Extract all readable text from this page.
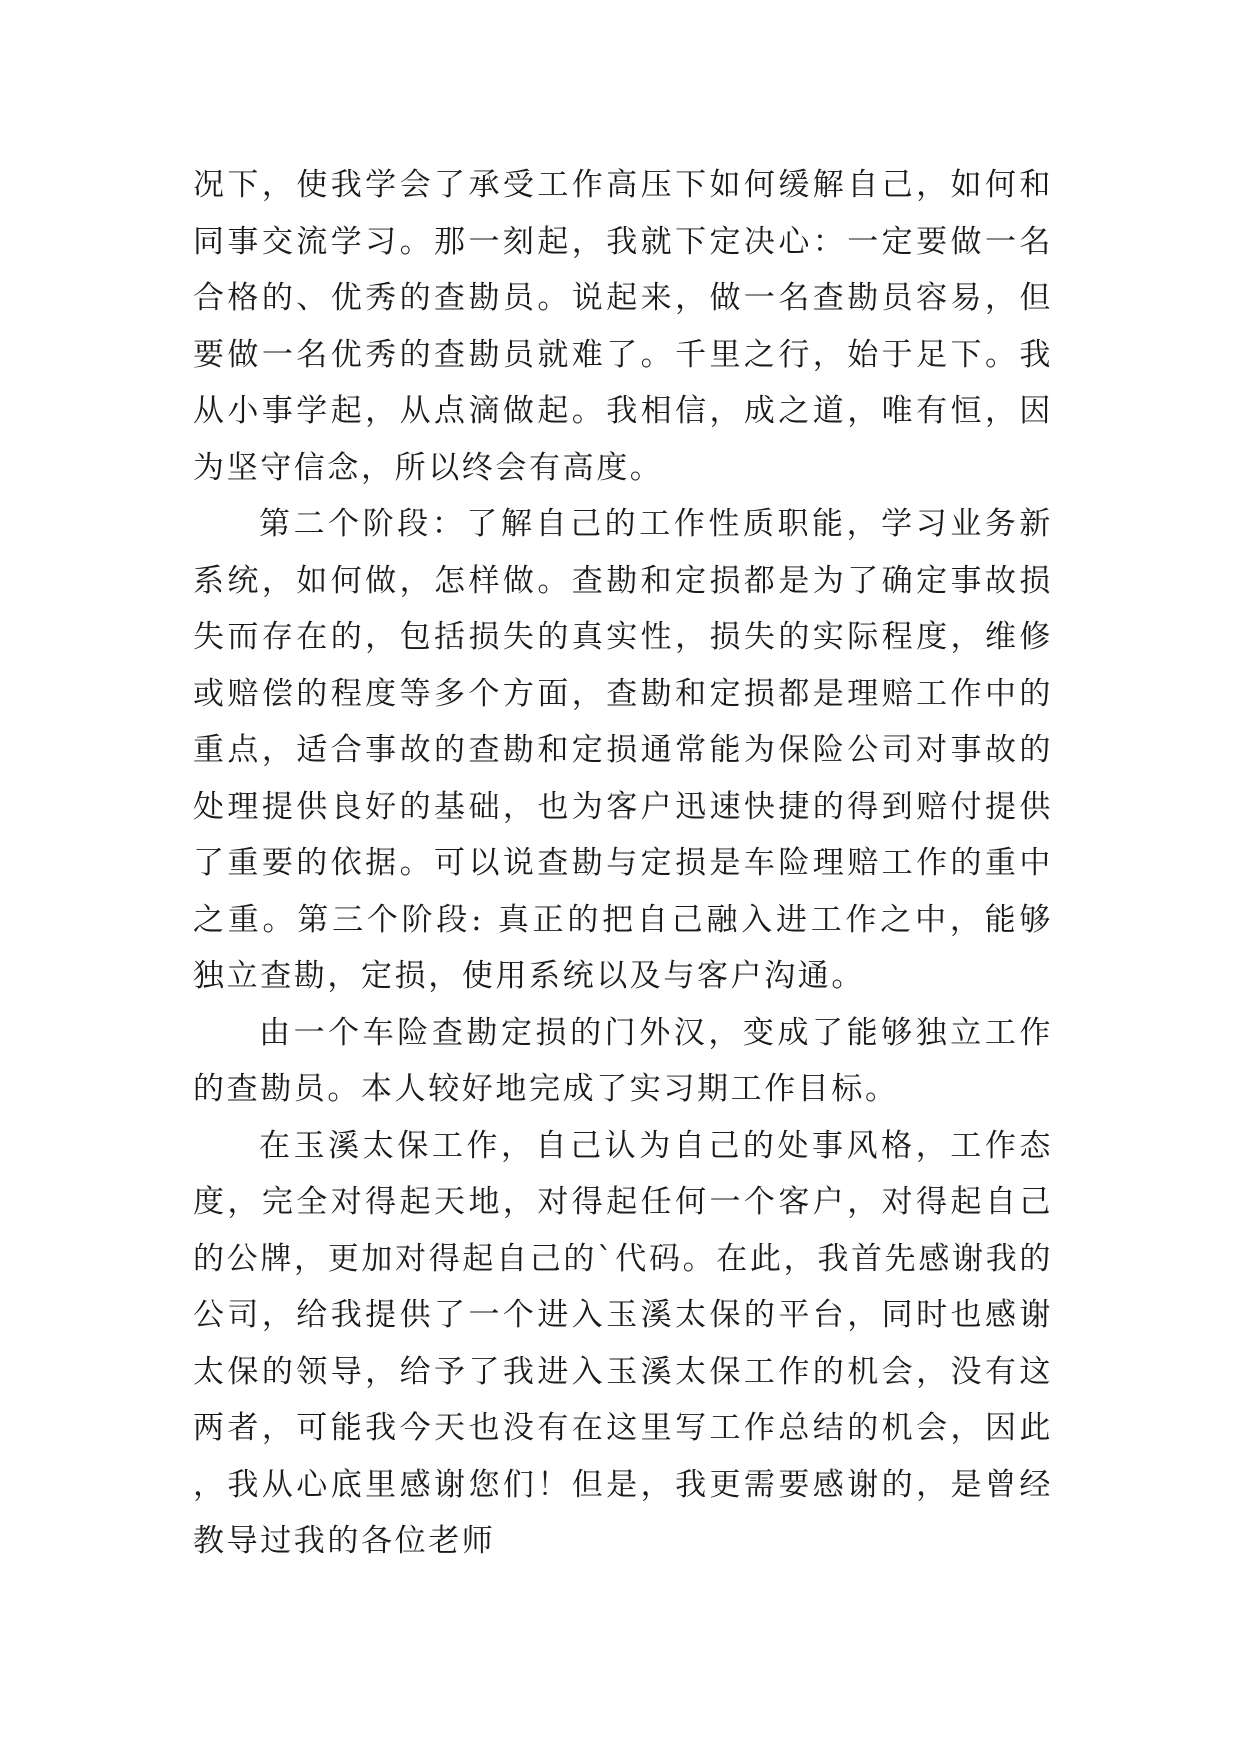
况下，使我学会了承受工作高压下如何缓解自己，如何和同事交流学习。那一刻起，我就下定决心：一定要做一名合格的、优秀的查勘员。说起来，做一名查勘员容易，但要做一名优秀的查勘员就难了。千里之行，始于足下。我从小事学起，从点滴做起。我相信，成之道，唯有恒，因为坚守信念，所以终会有高度。

第二个阶段：了解自己的工作性质职能，学习业务新系统，如何做，怎样做。查勘和定损都是为了确定事故损失而存在的，包括损失的真实性，损失的实际程度，维修或赔偿的程度等多个方面，查勘和定损都是理赔工作中的重点，适合事故的查勘和定损通常能为保险公司对事故的处理提供良好的基础，也为客户迅速快捷的得到赔付提供了重要的依据。可以说查勘与定损是车险理赔工作的重中之重。第三个阶段: 真正的把自己融入进工作之中，能够独立查勘，定损，使用系统以及与客户沟通。

由一个车险查勘定损的门外汉，变成了能够独立工作的查勘员。本人较好地完成了实习期工作目标。

在玉溪太保工作，自己认为自己的处事风格，工作态度，完全对得起天地，对得起任何一个客户，对得起自己的公牌，更加对得起自己的`代码。在此，我首先感谢我的公司，给我提供了一个进入玉溪太保的平台，同时也感谢太保的领导，给予了我进入玉溪太保工作的机会，没有这两者，可能我今天也没有在这里写工作总结的机会，因此，我从心底里感谢您们！但是，我更需要感谢的，是曾经教导过我的各位老师
